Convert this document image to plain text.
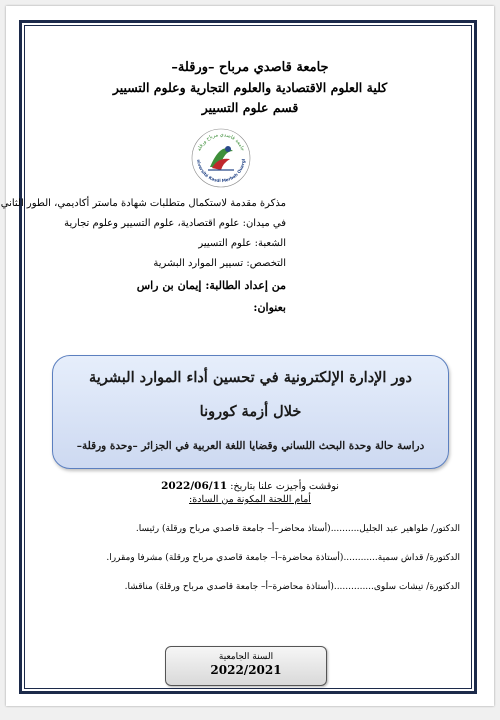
جامعة قاصدي مرباح –ورقلة–
كلية العلوم الاقتصادية والعلوم التجارية وعلوم التسيير
قسم علوم التسيير
جامعة قاصدي مرباح ورقلة
niversité Kasdi Merbah Ouargl
مذكرة مقدمة لاستكمال متطلبات شهادة ماستر أكاديمي، الطور الثاني
في ميدان: علوم اقتصادية، علوم التسيير وعلوم تجارية
الشعبة: علوم التسيير
التخصص: تسيير الموارد البشرية
من إعداد الطالبة: إيمان بن راس
بعنوان:
دور الإدارة الإلكترونية في تحسين أداء الموارد البشرية
خلال أزمة كورونا
دراسة حالة وحدة البحث اللساني وقضايا اللغة العربية في الجزائر –وحدة ورقلة–
نوقشت وأجيزت علنا بتاريخ: 2022/06/11
أمام اللجنة المكونة من السادة:
الدكتور/ طواهير عبد الجليل..........(أستاذ محاضر–أ– جامعة قاصدي مرباح ورقلة) رئيسا.
الدكتورة/ قداش سمية............(أستاذة محاضرة–أ– جامعة قاصدي مرباح ورقلة) مشرفا ومقررا.
الدكتورة/ تيشات سلوى..............(أستاذة محاضرة–أ– جامعة قاصدي مرباح ورقلة) مناقشا.
السنة الجامعية
2022/2021
